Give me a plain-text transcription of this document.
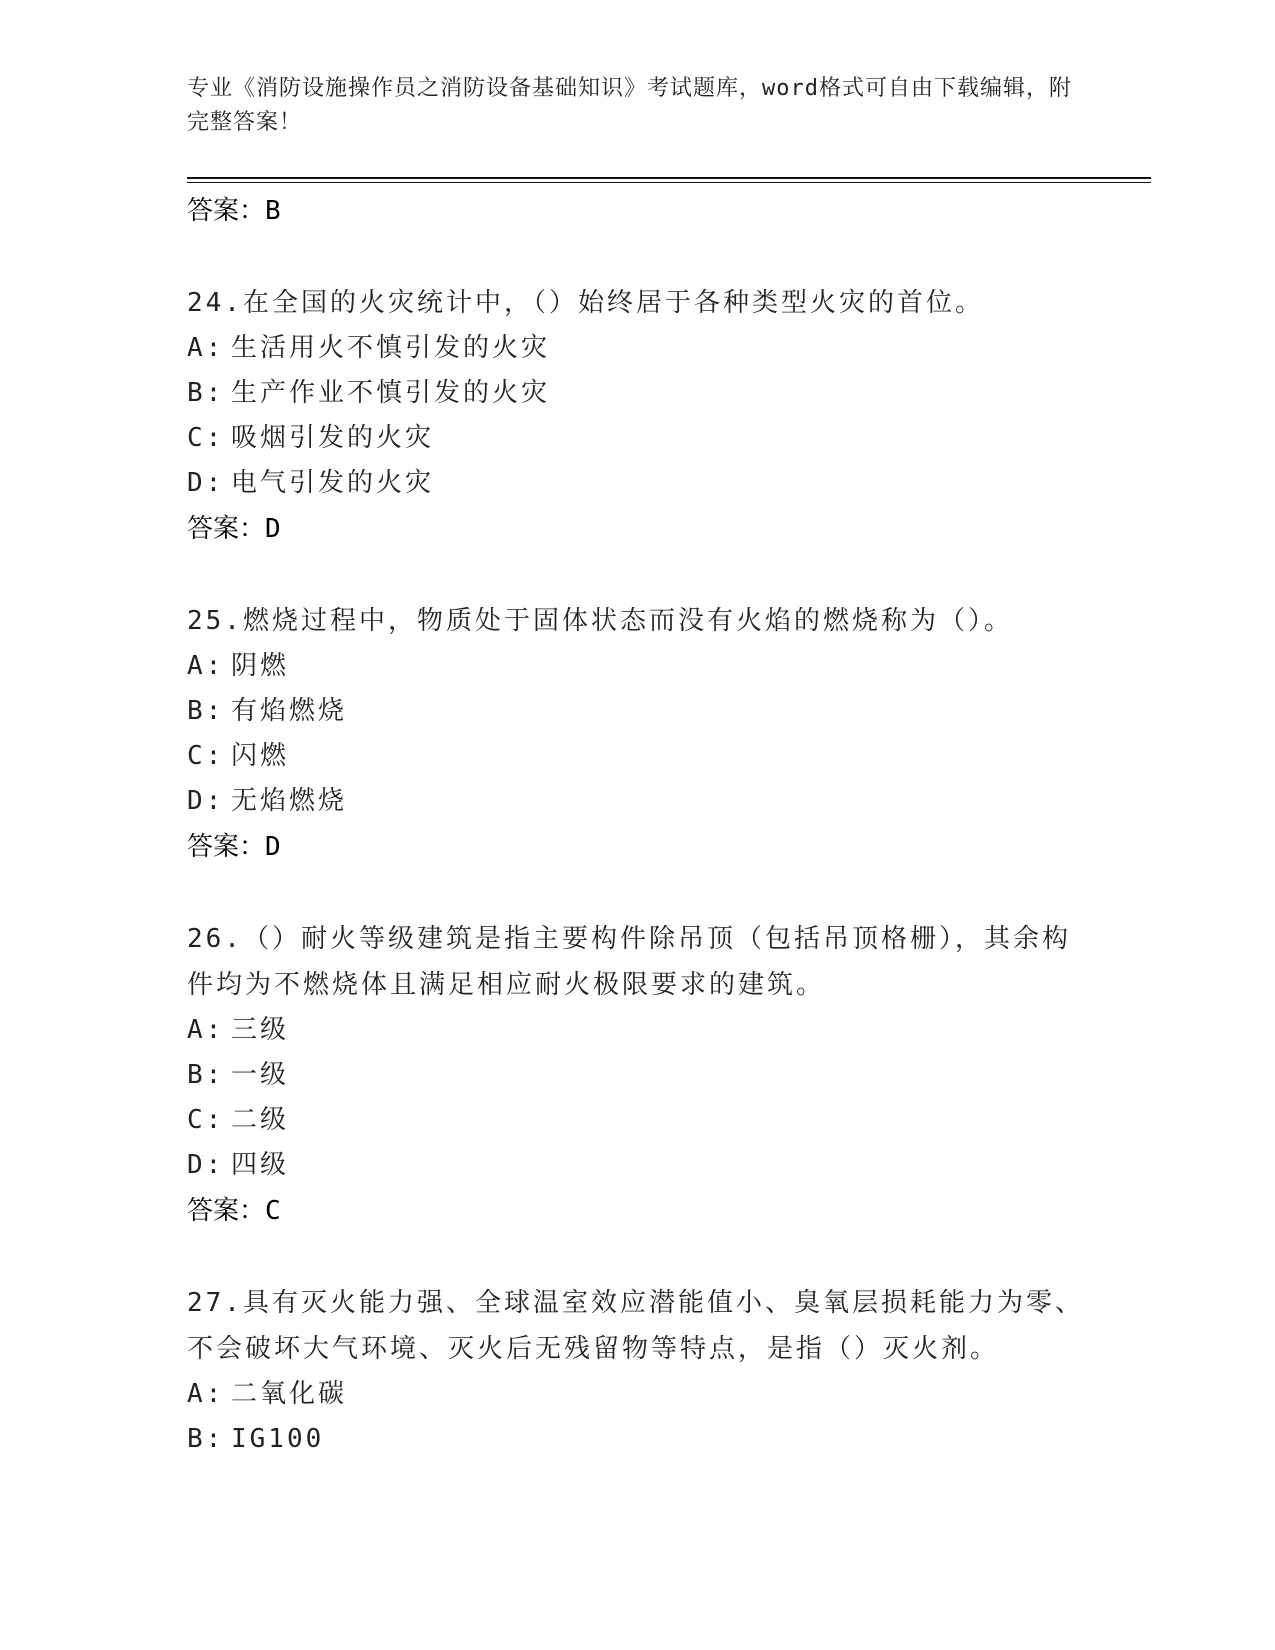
专业《消防设施操作员之消防设备基础知识》考试题库，word格式可自由下载编辑，附完整答案！
答案：B
24.在全国的火灾统计中，（）始终居于各种类型火灾的首位。
A: 生活用火不慎引发的火灾
B: 生产作业不慎引发的火灾
C: 吸烟引发的火灾
D: 电气引发的火灾
答案：D
25.燃烧过程中，物质处于固体状态而没有火焰的燃烧称为（）。
A: 阴燃
B: 有焰燃烧
C: 闪燃
D: 无焰燃烧
答案：D
26.（）耐火等级建筑是指主要构件除吊顶（包括吊顶格栅），其余构件均为不燃烧体且满足相应耐火极限要求的建筑。
A: 三级
B: 一级
C: 二级
D: 四级
答案：C
27.具有灭火能力强、全球温室效应潜能值小、臭氧层损耗能力为零、不会破坏大气环境、灭火后无残留物等特点，是指（）灭火剂。
A: 二氧化碳
B: IG100
